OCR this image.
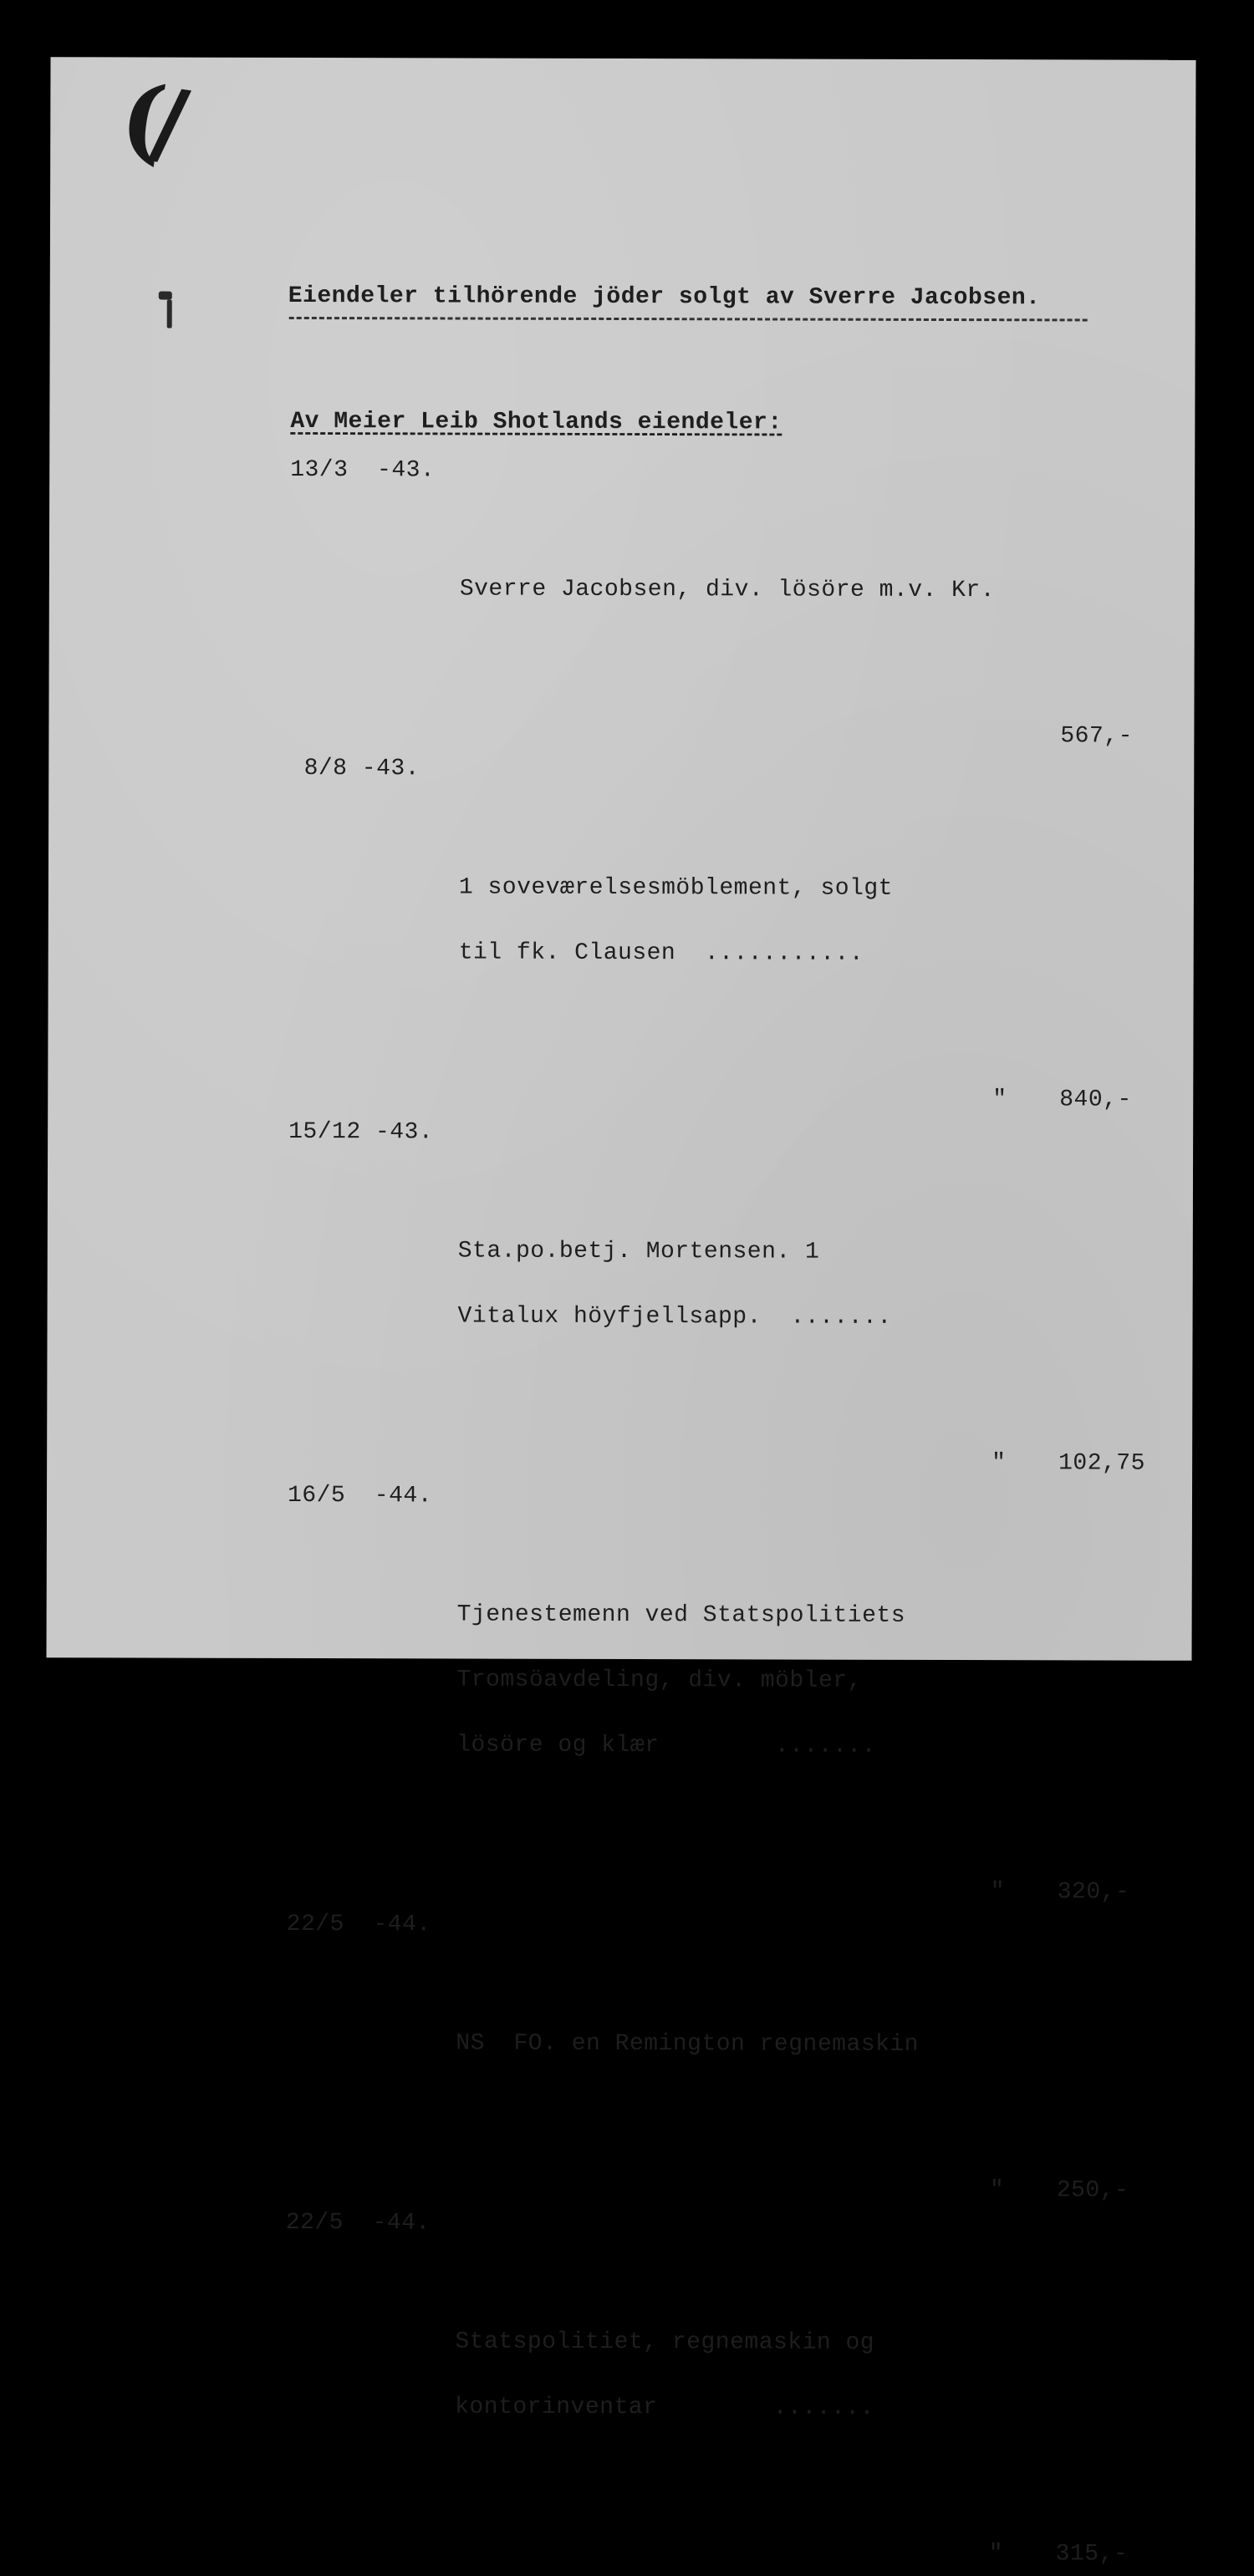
(/
Eiendeler tilhörende jöder solgt av Sverre Jacobsen.
Av Meier Leib Shotlands eiendeler:

13/3  -43.

Sverre Jacobsen, div. lösöre m.v. Kr.

567,-

8/8 -43.

1 soveværelsesmöblement, solgt

til fk. Clausen  ...........

"

840,-

15/12 -43.

Sta.po.betj. Mortensen. 1

Vitalux höyfjellsapp.  .......

"

102,75

16/5  -44.

Tjenestemenn ved Statspolitiets

Tromsöavdeling, div. möbler,

lösöre og klær        .......

"

320,-

22/5  -44.

NS  FO. en Remington regnemaskin

"

250,-

22/5  -44.

Statspolitiet, regnemaskin og

kontorinventar        .......

"

315,-
